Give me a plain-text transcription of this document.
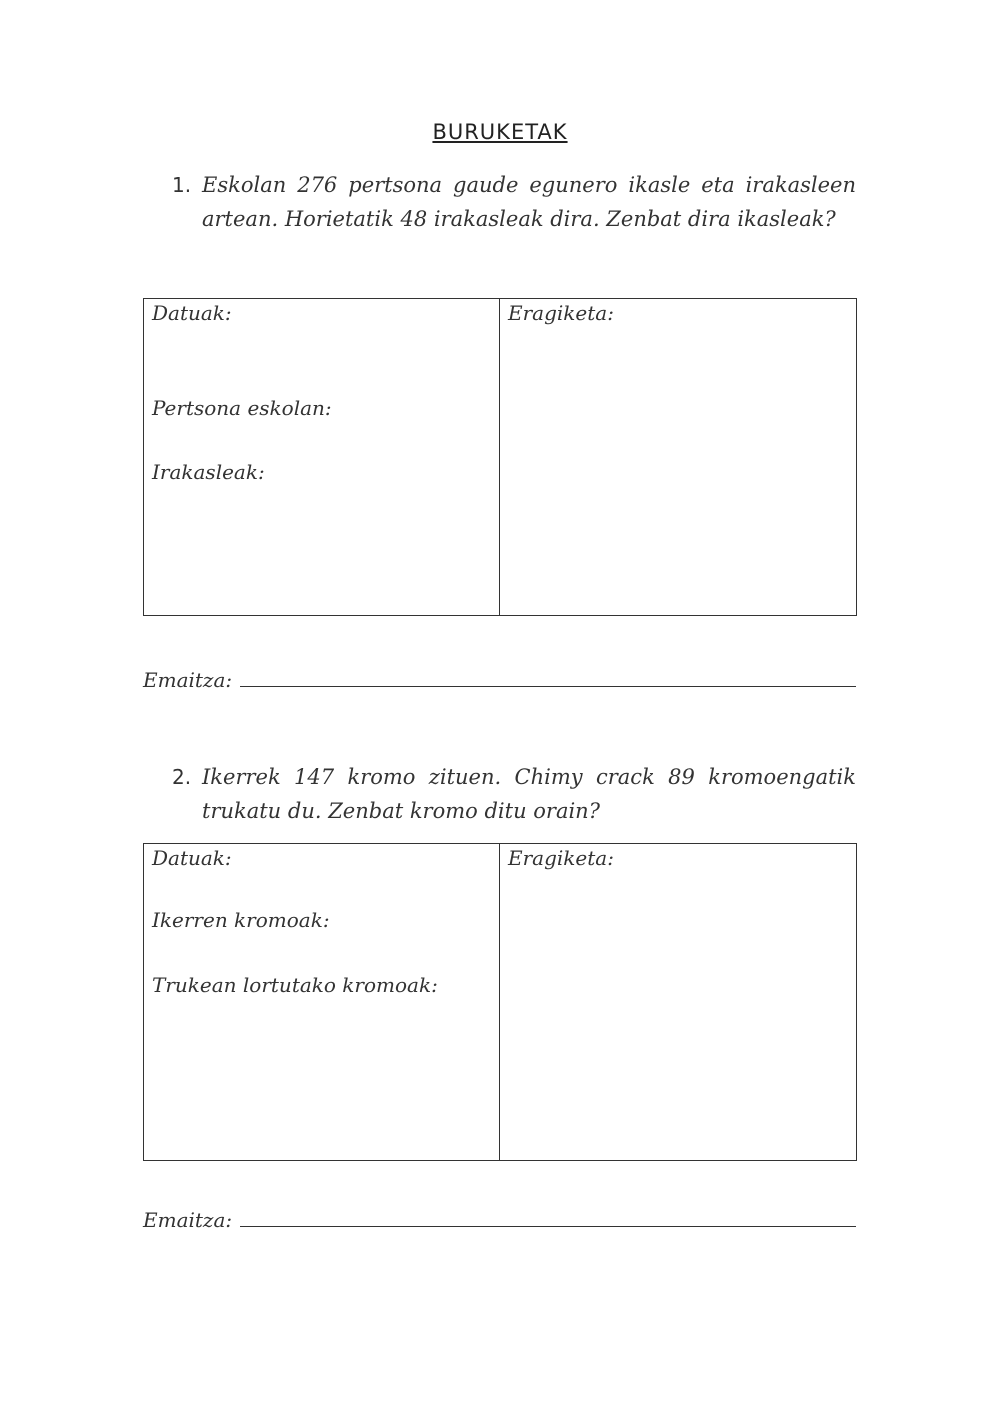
BURUKETAK
1. Eskolan 276 pertsona gaude egunero ikasle eta irakasleen artean. Horietatik 48 irakasleak dira. Zenbat dira ikasleak?
Datuak:
Pertsona eskolan:
Irakasleak:
Eragiketa:
Emaitza:
2. Ikerrek 147 kromo zituen. Chimy crack 89 kromoengatik trukatu du. Zenbat kromo ditu orain?
Datuak:
Ikerren kromoak:
Trukean lortutako kromoak:
Eragiketa:
Emaitza:
